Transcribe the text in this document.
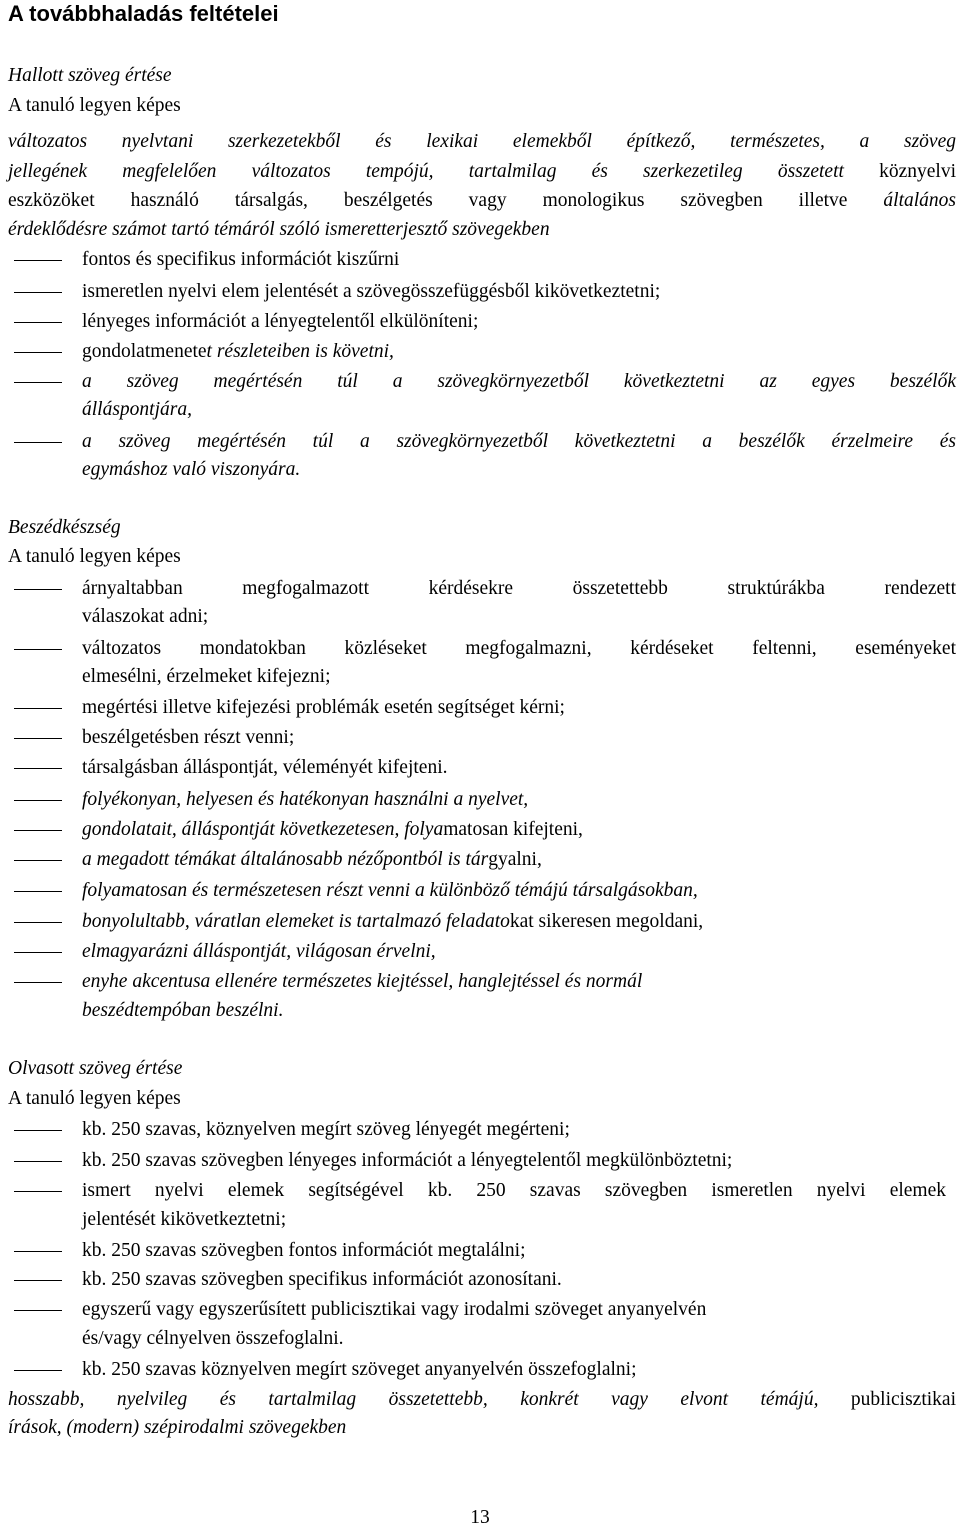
A továbbhaladás feltételei
Hallott szöveg értése
A tanuló legyen képes
változatos nyelvtani szerkezetekből és lexikai elemekből építkező, természetes, a szöveg
jellegének megfelelően változatos tempójú, tartalmilag és szerkezetileg összetett köznyelvi
eszközöket használó társalgás, beszélgetés vagy monologikus szövegben illetve általános
érdeklődésre számot tartó témáról szóló ismeretterjesztő szövegekben
fontos és specifikus információt kiszűrni
ismeretlen nyelvi elem jelentését a szövegösszefüggésből kikövetkeztetni;
lényeges információt a lényegtelentől elkülöníteni;
gondolatmenetet részleteiben is követni,
a szöveg megértésén túl a szövegkörnyezetből következtetni az egyes beszélők
álláspontjára,
a szöveg megértésén túl a szövegkörnyezetből következtetni a beszélők érzelmeire és
egymáshoz való viszonyára.
Beszédkészség
A tanuló legyen képes
árnyaltabban megfogalmazott kérdésekre összetettebb struktúrákba rendezett
válaszokat adni;
változatos mondatokban közléseket megfogalmazni, kérdéseket feltenni, eseményeket
elmesélni, érzelmeket kifejezni;
megértési illetve kifejezési problémák esetén segítséget kérni;
beszélgetésben részt venni;
társalgásban álláspontját, véleményét kifejteni.
folyékonyan, helyesen és hatékonyan használni a nyelvet,
gondolatait, álláspontját következetesen, folyamatosan kifejteni,
a megadott témákat általánosabb nézőpontból is tárgyalni,
folyamatosan és természetesen részt venni a különböző témájú társalgásokban,
bonyolultabb, váratlan elemeket is tartalmazó feladatokat sikeresen megoldani,
elmagyarázni álláspontját, világosan érvelni,
enyhe akcentusa ellenére természetes kiejtéssel, hanglejtéssel és normál
beszédtempóban beszélni.
Olvasott szöveg értése
A tanuló legyen képes
kb. 250 szavas, köznyelven megírt szöveg lényegét megérteni;
kb. 250 szavas szövegben lényeges információt a lényegtelentől megkülönböztetni;
ismert nyelvi elemek segítségével kb. 250 szavas szövegben ismeretlen nyelvi elemek
jelentését kikövetkeztetni;
kb. 250 szavas szövegben fontos információt megtalálni;
kb. 250 szavas szövegben specifikus információt azonosítani.
egyszerű vagy egyszerűsített publicisztikai vagy irodalmi szöveget anyanyelvén
és/vagy célnyelven összefoglalni.
kb. 250 szavas köznyelven megírt szöveget anyanyelvén összefoglalni;
hosszabb, nyelvileg és tartalmilag összetettebb, konkrét vagy elvont témájú, publicisztikai
írások, (modern) szépirodalmi szövegekben
13
